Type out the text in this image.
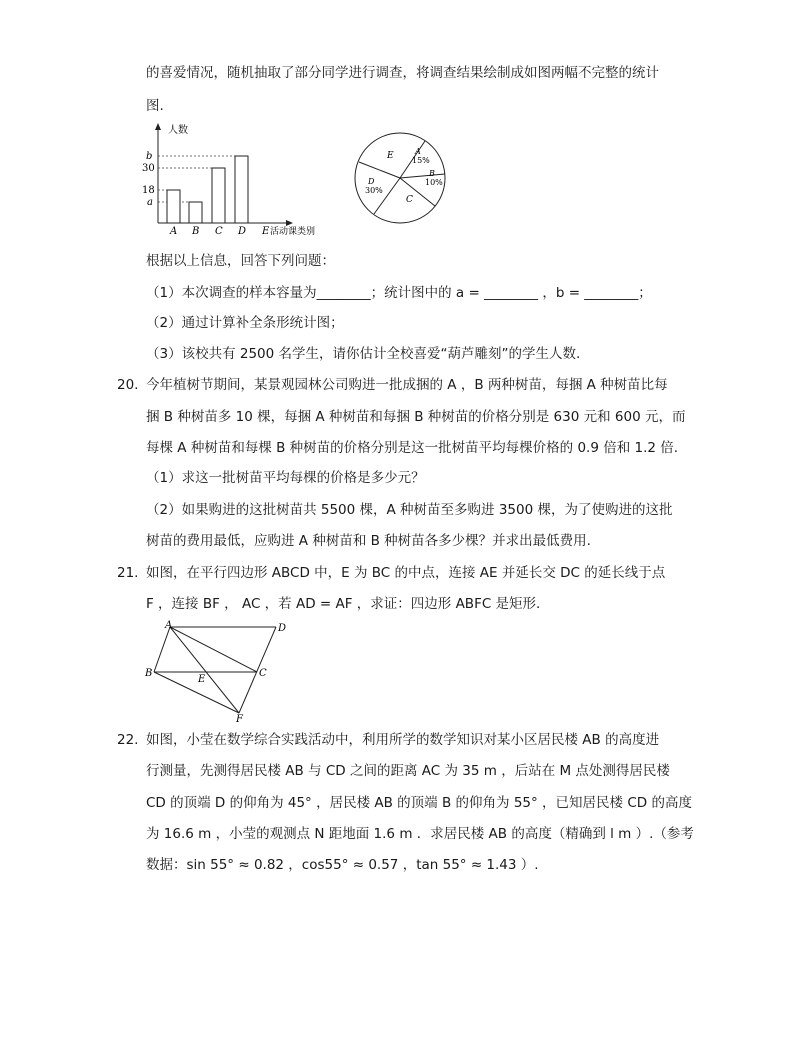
的喜爱情况，随机抽取了部分同学进行调查，将调查结果绘制成如图两幅不完整的统计
图.
人数
b
30
18
a
A B C D E 活动课类别
E	A
15%
B
10%
D
30%
C
根据以上信息，回答下列问题：
（1）本次调查的样本容量为________；统计图中的 a = ________ ，b = ________；
（2）通过计算补全条形统计图；
（3）该校共有 2500 名学生，请你估计全校喜爱“葫芦雕刻”的学生人数.
20. 今年植树节期间，某景观园林公司购进一批成捆的 A ，B 两种树苗，每捆 A 种树苗比每
捆 B 种树苗多 10 棵，每捆 A 种树苗和每捆 B 种树苗的价格分别是 630 元和 600 元，而
每棵 A 种树苗和每棵 B 种树苗的价格分别是这一批树苗平均每棵价格的 0.9 倍和 1.2 倍.
（1）求这一批树苗平均每棵的价格是多少元？
（2）如果购进的这批树苗共 5500 棵，A 种树苗至多购进 3500 棵，为了使购进的这批
树苗的费用最低，应购进 A 种树苗和 B 种树苗各多少棵？并求出最低费用.
21. 如图，在平行四边形 ABCD 中，E 为 BC 的中点，连接 AE 并延长交 DC 的延长线于点
F ，连接 BF ， AC ，若 AD = AF ，求证：四边形 ABFC 是矩形.
A	D
B
E
C
F
22. 如图，小莹在数学综合实践活动中，利用所学的数学知识对某小区居民楼 AB 的高度进
行测量，先测得居民楼 AB 与 CD 之间的距离 AC 为 35 m ，后站在 M 点处测得居民楼
CD 的顶端 D 的仰角为 45° ，居民楼 AB 的顶端 B 的仰角为 55° ，已知居民楼 CD 的高度
为 16.6 m ，小莹的观测点 N 距地面 1.6 m ．求居民楼 AB 的高度（精确到 l m ）.（参考
数据：sin 55° ≈ 0.82 ，cos55° ≈ 0.57 ，tan 55° ≈ 1.43 ）.
